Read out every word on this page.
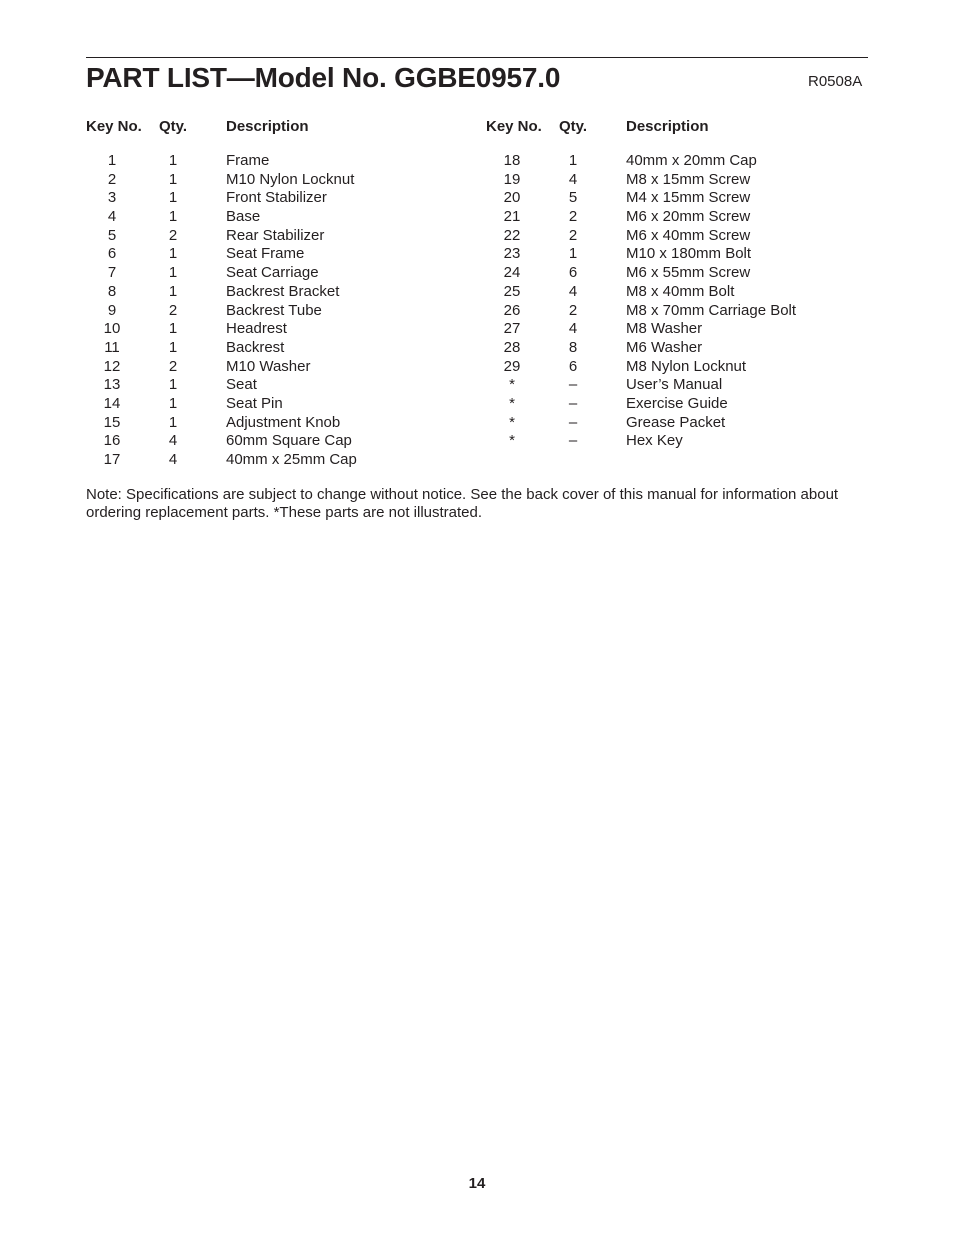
PART LIST—Model No. GGBE0957.0	R0508A
Key No. Qty.	Description
1	1	Frame
2	1	M10 Nylon Locknut
3	1	Front Stabilizer
4	1	Base
5	2	Rear Stabilizer
6	1	Seat Frame
7	1	Seat Carriage
8	1	Backrest Bracket
9	2	Backrest Tube
10	1	Headrest
11	1	Backrest
12	2	M10 Washer
13	1	Seat
14	1	Seat Pin
15	1	Adjustment Knob
16	4	60mm Square Cap
17	4	40mm x 25mm Cap
Key No. Qty.	Description
18	1	40mm x 20mm Cap
19	4	M8 x 15mm Screw
20	5	M4 x 15mm Screw
21	2	M6 x 20mm Screw
22	2	M6 x 40mm Screw
23	1	M10 x 180mm Bolt
24	6	M6 x 55mm Screw
25	4	M8 x 40mm Bolt
26	2	M8 x 70mm Carriage Bolt
27	4	M8 Washer
28	8	M6 Washer
29	6	M8 Nylon Locknut
*	–	User’s Manual
*	–	Exercise Guide
*	–	Grease Packet
*	–	Hex Key
Note: Specifications are subject to change without notice. See the back cover of this manual for information about ordering replacement parts. *These parts are not illustrated.
14
